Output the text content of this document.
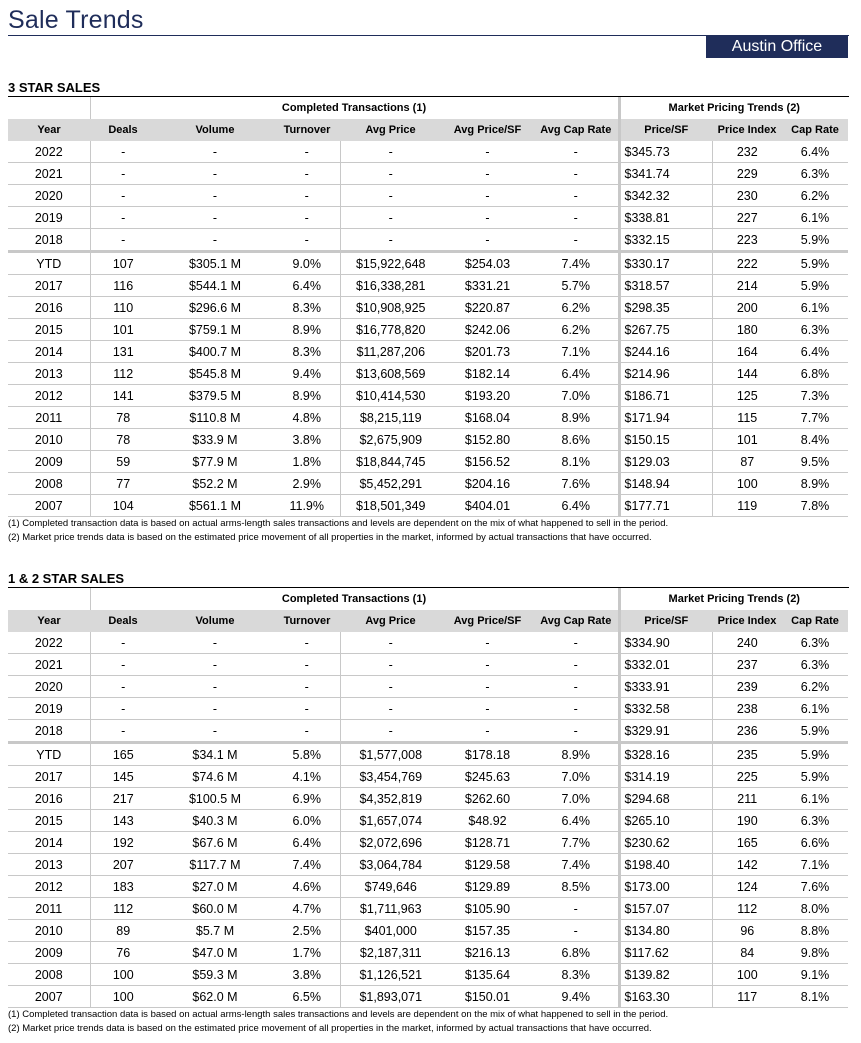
Sale Trends
Austin Office
3 STAR SALES
	Completed Transactions (1)						Market Pricing Trends (2)		
Year	Deals	Volume	Turnover	Avg Price	Avg Price/SF	Avg Cap Rate	Price/SF	Price Index	Cap Rate
2022	-	-	-	-	-	-	$345.73	232	6.4%
2021	-	-	-	-	-	-	$341.74	229	6.3%
2020	-	-	-	-	-	-	$342.32	230	6.2%
2019	-	-	-	-	-	-	$338.81	227	6.1%
2018	-	-	-	-	-	-	$332.15	223	5.9%
YTD	107	$305.1 M	9.0%	$15,922,648	$254.03	7.4%	$330.17	222	5.9%
2017	116	$544.1 M	6.4%	$16,338,281	$331.21	5.7%	$318.57	214	5.9%
2016	110	$296.6 M	8.3%	$10,908,925	$220.87	6.2%	$298.35	200	6.1%
2015	101	$759.1 M	8.9%	$16,778,820	$242.06	6.2%	$267.75	180	6.3%
2014	131	$400.7 M	8.3%	$11,287,206	$201.73	7.1%	$244.16	164	6.4%
2013	112	$545.8 M	9.4%	$13,608,569	$182.14	6.4%	$214.96	144	6.8%
2012	141	$379.5 M	8.9%	$10,414,530	$193.20	7.0%	$186.71	125	7.3%
2011	78	$110.8 M	4.8%	$8,215,119	$168.04	8.9%	$171.94	115	7.7%
2010	78	$33.9 M	3.8%	$2,675,909	$152.80	8.6%	$150.15	101	8.4%
2009	59	$77.9 M	1.8%	$18,844,745	$156.52	8.1%	$129.03	87	9.5%
2008	77	$52.2 M	2.9%	$5,452,291	$204.16	7.6%	$148.94	100	8.9%
2007	104	$561.1 M	11.9%	$18,501,349	$404.01	6.4%	$177.71	119	7.8%
(1) Completed transaction data is based on actual arms-length sales transactions and levels are dependent on the mix of what happened to sell in the period.
(2) Market price trends data is based on the estimated price movement of all properties in the market, informed by actual transactions that have occurred.
1 & 2 STAR SALES
	Completed Transactions (1)						Market Pricing Trends (2)		
Year	Deals	Volume	Turnover	Avg Price	Avg Price/SF	Avg Cap Rate	Price/SF	Price Index	Cap Rate
2022	-	-	-	-	-	-	$334.90	240	6.3%
2021	-	-	-	-	-	-	$332.01	237	6.3%
2020	-	-	-	-	-	-	$333.91	239	6.2%
2019	-	-	-	-	-	-	$332.58	238	6.1%
2018	-	-	-	-	-	-	$329.91	236	5.9%
YTD	165	$34.1 M	5.8%	$1,577,008	$178.18	8.9%	$328.16	235	5.9%
2017	145	$74.6 M	4.1%	$3,454,769	$245.63	7.0%	$314.19	225	5.9%
2016	217	$100.5 M	6.9%	$4,352,819	$262.60	7.0%	$294.68	211	6.1%
2015	143	$40.3 M	6.0%	$1,657,074	$48.92	6.4%	$265.10	190	6.3%
2014	192	$67.6 M	6.4%	$2,072,696	$128.71	7.7%	$230.62	165	6.6%
2013	207	$117.7 M	7.4%	$3,064,784	$129.58	7.4%	$198.40	142	7.1%
2012	183	$27.0 M	4.6%	$749,646	$129.89	8.5%	$173.00	124	7.6%
2011	112	$60.0 M	4.7%	$1,711,963	$105.90	-	$157.07	112	8.0%
2010	89	$5.7 M	2.5%	$401,000	$157.35	-	$134.80	96	8.8%
2009	76	$47.0 M	1.7%	$2,187,311	$216.13	6.8%	$117.62	84	9.8%
2008	100	$59.3 M	3.8%	$1,126,521	$135.64	8.3%	$139.82	100	9.1%
2007	100	$62.0 M	6.5%	$1,893,071	$150.01	9.4%	$163.30	117	8.1%
(1) Completed transaction data is based on actual arms-length sales transactions and levels are dependent on the mix of what happened to sell in the period.
(2) Market price trends data is based on the estimated price movement of all properties in the market, informed by actual transactions that have occurred.
